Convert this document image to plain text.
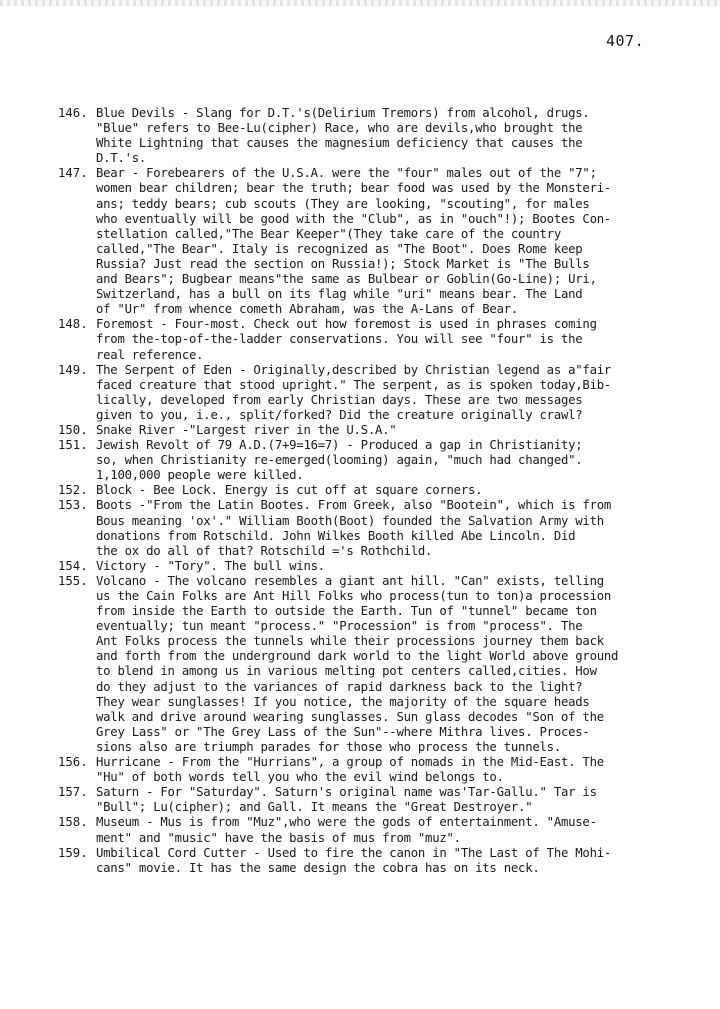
407.
146. Blue Devils - Slang for D.T.'s(Delirium Tremors) from alcohol, drugs.
"Blue" refers to Bee-Lu(cipher) Race, who are devils,who brought the
White Lightning that causes the magnesium deficiency that causes the
D.T.'s.
147. Bear - Forebearers of the U.S.A. were the "four" males out of the "7";
women bear children; bear the truth; bear food was used by the Monsteri-
ans; teddy bears; cub scouts (They are looking, "scouting", for males
who eventually will be good with the "Club", as in "ouch"!); Bootes Con-
stellation called,"The Bear Keeper"(They take care of the country
called,"The Bear". Italy is recognized as "The Boot". Does Rome keep
Russia? Just read the section on Russia!); Stock Market is "The Bulls
and Bears"; Bugbear means"the same as Bulbear or Goblin(Go-Line); Uri,
Switzerland, has a bull on its flag while "uri" means bear. The Land
of "Ur" from whence cometh Abraham, was the A-Lans of Bear.
148. Foremost - Four-most. Check out how foremost is used in phrases coming
from the-top-of-the-ladder conservations. You will see "four" is the
real reference.
149. The Serpent of Eden - Originally,described by Christian legend as a"fair
faced creature that stood upright." The serpent, as is spoken today,Bib-
lically, developed from early Christian days. These are two messages
given to you, i.e., split/forked? Did the creature originally crawl?
150. Snake River -"Largest river in the U.S.A."
151. Jewish Revolt of 79 A.D.(7+9=16=7) - Produced a gap in Christianity;
so, when Christianity re-emerged(looming) again, "much had changed".
1,100,000 people were killed.
152. Block - Bee Lock. Energy is cut off at square corners.
153. Boots -"From the Latin Bootes. From Greek, also "Bootein", which is from
Bous meaning 'ox'." William Booth(Boot) founded the Salvation Army with
donations from Rotschild. John Wilkes Booth killed Abe Lincoln. Did
the ox do all of that? Rotschild ='s Rothchild.
154. Victory - "Tory". The bull wins.
155. Volcano - The volcano resembles a giant ant hill. "Can" exists, telling
us the Cain Folks are Ant Hill Folks who process(tun to ton)a procession
from inside the Earth to outside the Earth. Tun of "tunnel" became ton
eventually; tun meant "process." "Procession" is from "process". The
Ant Folks process the tunnels while their processions journey them back
and forth from the underground dark world to the light World above ground
to blend in among us in various melting pot centers called,cities. How
do they adjust to the variances of rapid darkness back to the light?
They wear sunglasses! If you notice, the majority of the square heads
walk and drive around wearing sunglasses. Sun glass decodes "Son of the
Grey Lass" or "The Grey Lass of the Sun"--where Mithra lives. Proces-
sions also are triumph parades for those who process the tunnels.
156. Hurricane - From the "Hurrians", a group of nomads in the Mid-East. The
"Hu" of both words tell you who the evil wind belongs to.
157. Saturn - For "Saturday". Saturn's original name was'Tar-Gallu." Tar is
"Bull"; Lu(cipher); and Gall. It means the "Great Destroyer."
158. Museum - Mus is from "Muz",who were the gods of entertainment. "Amuse-
ment" and "music" have the basis of mus from "muz".
159. Umbilical Cord Cutter - Used to fire the canon in "The Last of The Mohi-
cans" movie. It has the same design the cobra has on its neck.
